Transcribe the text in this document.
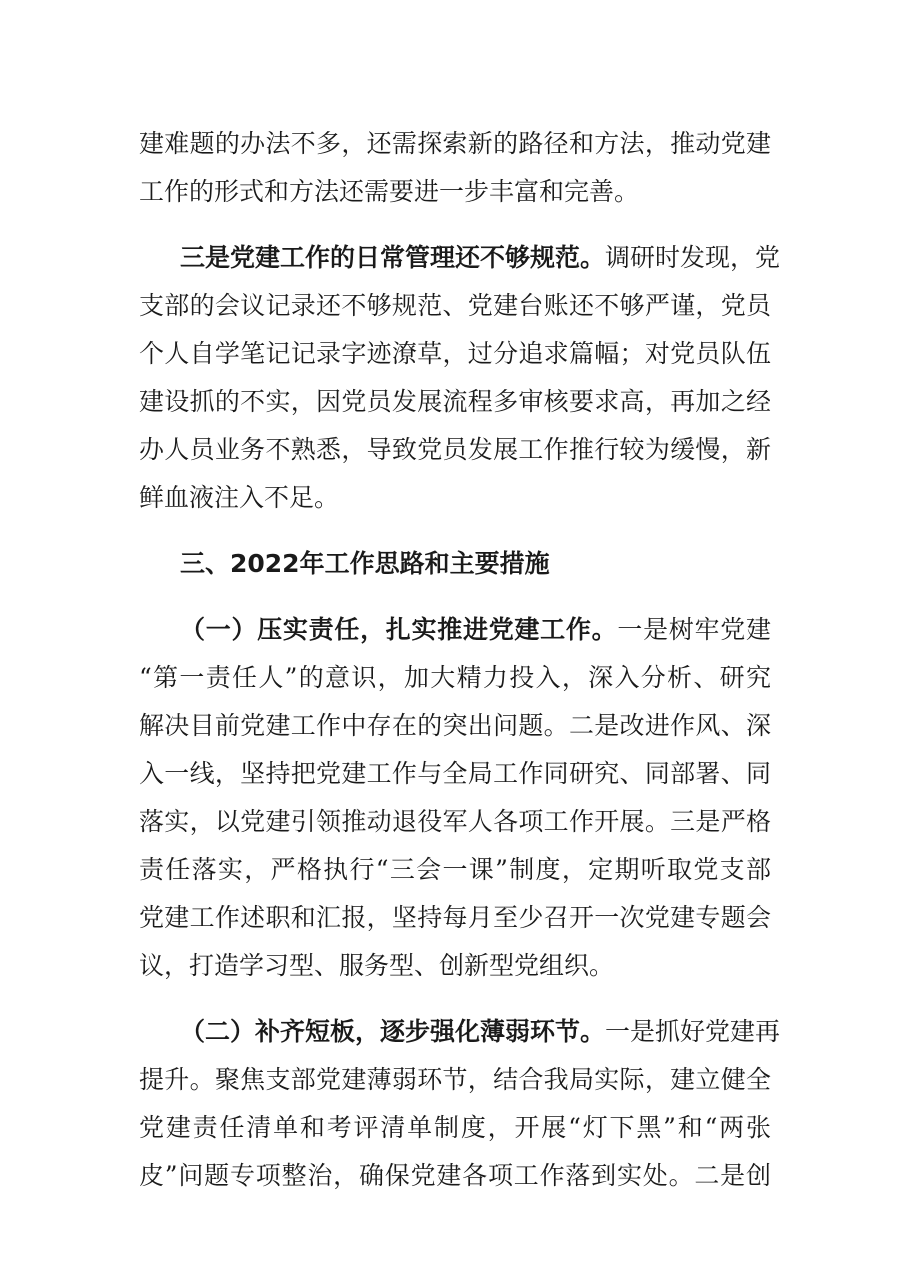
建难题的办法不多，还需探索新的路径和方法，推动党建
工作的形式和方法还需要进一步丰富和完善。
三是党建工作的日常管理还不够规范。调研时发现，党
支部的会议记录还不够规范、党建台账还不够严谨，党员
个人自学笔记记录字迹潦草，过分追求篇幅；对党员队伍
建设抓的不实，因党员发展流程多审核要求高，再加之经
办人员业务不熟悉，导致党员发展工作推行较为缓慢，新
鲜血液注入不足。
三、2022年工作思路和主要措施
（一）压实责任，扎实推进党建工作。一是树牢党建
“第一责任人”的意识，加大精力投入，深入分析、研究
解决目前党建工作中存在的突出问题。二是改进作风、深
入一线，坚持把党建工作与全局工作同研究、同部署、同
落实，以党建引领推动退役军人各项工作开展。三是严格
责任落实，严格执行“三会一课”制度，定期听取党支部
党建工作述职和汇报，坚持每月至少召开一次党建专题会
议，打造学习型、服务型、创新型党组织。
（二）补齐短板，逐步强化薄弱环节。一是抓好党建再
提升。聚焦支部党建薄弱环节，结合我局实际，建立健全
党建责任清单和考评清单制度，开展“灯下黑”和“两张
皮”问题专项整治，确保党建各项工作落到实处。二是创
